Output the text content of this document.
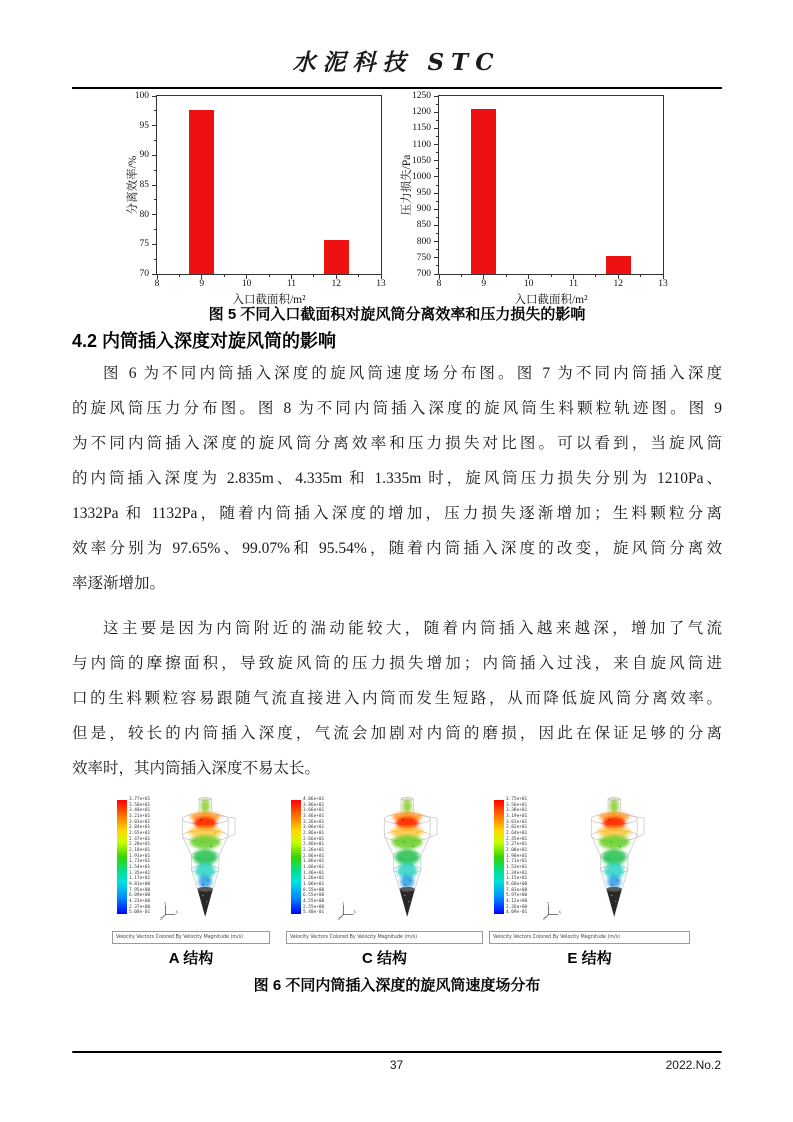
水泥科技 STC
分离效率/%
70
75
80
85
90
95
100
8	9	10	11	12	13
入口截面积/m²
压力损失/Pa
700
750
800
850
900
950
1000
1050
1100
1150
1200
1250
8	9	10	11	12	13
入口截面积/m²
图 5 不同入口截面积对旋风筒分离效率和压力损失的影响
4.2 内筒插入深度对旋风筒的影响
图 6 为不同内筒插入深度的旋风筒速度场分布图。图 7 为不同内筒插入深度
的旋风筒压力分布图。图 8 为不同内筒插入深度的旋风筒生料颗粒轨迹图。图 9
为不同内筒插入深度的旋风筒分离效率和压力损失对比图。可以看到，当旋风筒
的内筒插入深度为 2.835m、4.335m 和 1.335m 时，旋风筒压力损失分别为 1210Pa、
1332Pa 和 1132Pa，随着内筒插入深度的增加，压力损失逐渐增加；生料颗粒分离
效率分别为 97.65%、99.07%和 95.54%，随着内筒插入深度的改变，旋风筒分离效
率逐渐增加。
这主要是因为内筒附近的湍动能较大，随着内筒插入越来越深，增加了气流
与内筒的摩擦面积，导致旋风筒的压力损失增加；内筒插入过浅，来自旋风筒进
口的生料颗粒容易跟随气流直接进入内筒而发生短路，从而降低旋风筒分离效率。
但是，较长的内筒插入深度，气流会加剧对内筒的磨损，因此在保证足够的分离
效率时，其内筒插入深度不易太长。
3.77e+01
3.58e+01
3.40e+01
3.21e+01
3.03e+01
2.84e+01
2.65e+01
2.47e+01
2.28e+01
2.10e+01
1.91e+01
1.73e+01
1.54e+01
1.35e+01
1.17e+01
9.81e+00
7.95e+00
6.09e+00
4.23e+00
2.37e+00
5.08e-01
Velocity Vectors Colored By Velocity Magnitude (m/s)
4.06e+01
3.86e+01
3.66e+01
3.46e+01
3.26e+01
3.06e+01
2.86e+01
2.66e+01
2.46e+01
2.26e+01
2.06e+01
1.86e+01
1.66e+01
1.46e+01
1.26e+01
1.06e+01
8.55e+00
6.55e+00
4.55e+00
2.55e+00
5.40e-01
Velocity Vectors Colored By Velocity Magnitude (m/s)
3.75e+01
3.56e+01
3.38e+01
3.19e+01
3.01e+01
2.82e+01
2.64e+01
2.45e+01
2.27e+01
2.08e+01
1.90e+01
1.71e+01
1.53e+01
1.34e+01
1.15e+01
9.68e+00
7.83e+00
5.97e+00
4.12e+00
2.26e+00
4.09e-01
Velocity Vectors Colored By Velocity Magnitude (m/s)
A 结构	C 结构	E 结构
图 6 不同内筒插入深度的旋风筒速度场分布
37	2022.No.2
